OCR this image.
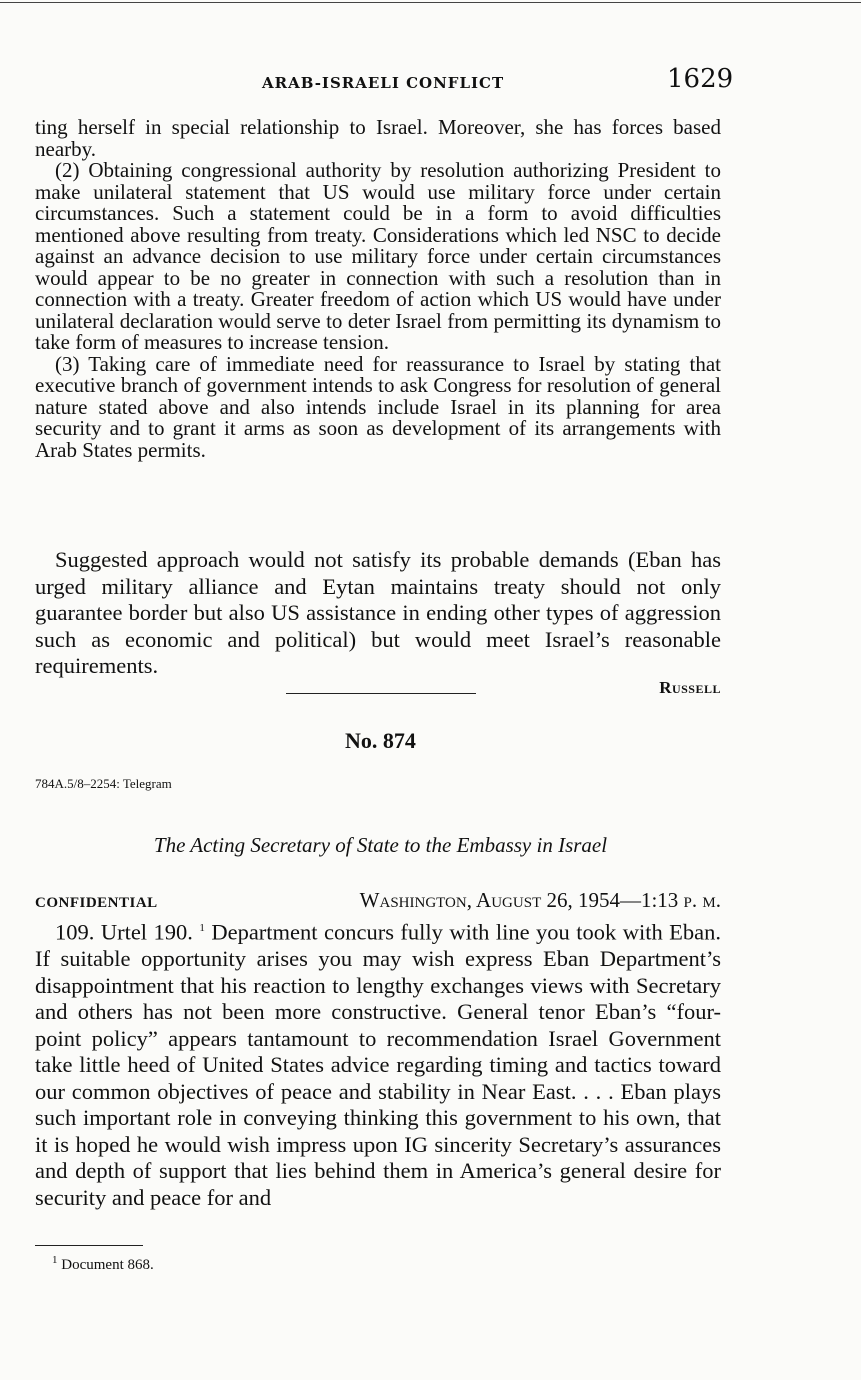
ARAB-ISRAELI CONFLICT	1629

ting herself in special relationship to Israel. Moreover, she has forces based nearby.

(2) Obtaining congressional authority by resolution authorizing President to make unilateral statement that US would use military force under certain circumstances. Such a statement could be in a form to avoid difficulties mentioned above resulting from treaty. Considerations which led NSC to decide against an advance decision to use military force under certain circumstances would appear to be no greater in connection with such a resolution than in connection with a treaty. Greater freedom of action which US would have under unilateral declaration would serve to deter Israel from permitting its dynamism to take form of measures to increase tension.

(3) Taking care of immediate need for reassurance to Israel by stating that executive branch of government intends to ask Congress for resolution of general nature stated above and also intends include Israel in its planning for area security and to grant it arms as soon as development of its arrangements with Arab States permits.

Suggested approach would not satisfy its probable demands (Eban has urged military alliance and Eytan maintains treaty should not only guarantee border but also US assistance in ending other types of aggression such as economic and political) but would meet Israel’s reasonable requirements.

Russell
No. 874
784A.5/8–2254: Telegram
The Acting Secretary of State to the Embassy in Israel
CONFIDENTIAL	Washington, August 26, 1954—1:13 p. m.

109. Urtel 190. $^1$ Department concurs fully with line you took with Eban. If suitable opportunity arises you may wish express Eban Department’s disappointment that his reaction to lengthy exchanges views with Secretary and others has not been more constructive. General tenor Eban’s “four-point policy” appears tantamount to recommendation Israel Government take little heed of United States advice regarding timing and tactics toward our common objectives of peace and stability in Near East. . . . Eban plays such important role in conveying thinking this government to his own, that it is hoped he would wish impress upon IG sincerity Secretary’s assurances and depth of support that lies behind them in America’s general desire for security and peace for and

$^1$ Document 868.
